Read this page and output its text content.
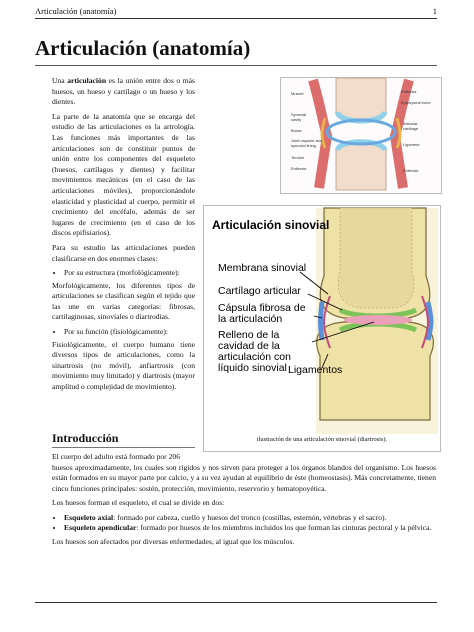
Articulación (anatomía)	1
Articulación (anatomía)

Una articulación es la unión entre dos o más huesos, un hueso y cartílago o un hueso y los dientes.

La parte de la anatomía que se encarga del estudio de las articulaciones es la artrología. Las funciones más importantes de las articulaciones son de constituir puntos de unión entre los componentes del esqueleto (huesos, cartílagos y dientes) y facilitar movimientos mecánicos (en el caso de las articulaciones móviles), proporcionándole elasticidad y plasticidad al cuerpo, permitir el crecimiento del encéfalo, además de ser lugares de crecimiento (en el caso de los discos epifisiarios).

Para su estudio las articulaciones pueden clasificarse en dos enormes clases:

• Por su estructura (morfológicamente):

Morfológicamente, los diferentes tipos de articulaciones se clasifican según el tejido que las une en varias categorías: fibrosas, cartilaginosas, sinoviales o diartrodias.

• Por su función (fisiológicamente):

Fisiológicamente, el cuerpo humano tiene diversos tipos de articulaciones, como la sinartrosis (no móvil), anfiartrosis (con movimiento muy limitado) y diartrosis (mayor amplitud o complejidad de movimiento).

Muscle
Synovial cavity
Bursa
Joint capsule and synovial lining
Tendon
Enthesis
Enthesis
Epiphyseal bone
Articular cartilage
Ligament
Enthesis
Articulación sinovial
Membrana sinovial
Cartílago articular
Cápsula fibrosa de
la articulación
Relleno de la
cavidad de la
articulación con
líquido sinovial Ligamentos
ilustración de una articulación sinovial (diartrosis).
Introducción

El cuerpo del adulto está formado por 206

huesos aproximadamente, los cuales son rígidos y nos sirven para proteger a los órganos blandos del organismo. Los huesos están formados en su mayor parte por calcio, y a su vez ayudan al equilibrio de éste (homeostasis). Más concretamente, tienen cinco funciones principales: sostén, protección, movimiento, reservorio y hematopoyética.

Los huesos forman el esqueleto, el cual se divide en dos:

• Esqueleto axial: formado por cabeza, cuello y huesos del tronco (costillas, esternón, vértebras y el sacro).
• Esqueleto apendicular: formado por huesos de los miembros incluidos los que forman las cinturas pectoral y la pélvica.

Los huesos son afectados por diversas enfermedades, al igual que los músculos.
